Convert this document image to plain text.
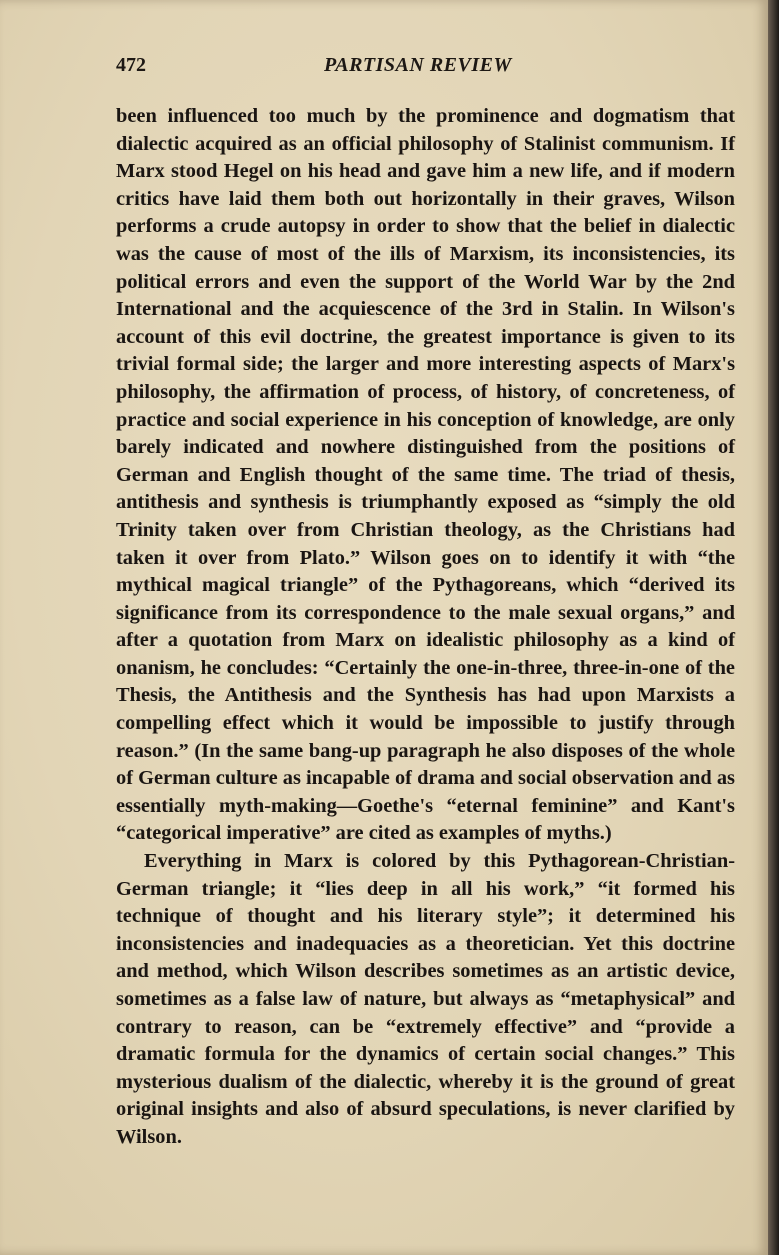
472	PARTISAN REVIEW

been influenced too much by the prominence and dogmatism that dialectic acquired as an official philosophy of Stalinist communism. If Marx stood Hegel on his head and gave him a new life, and if modern critics have laid them both out horizontally in their graves, Wilson performs a crude autopsy in order to show that the belief in dialectic was the cause of most of the ills of Marxism, its inconsistencies, its political errors and even the support of the World War by the 2nd International and the acquiescence of the 3rd in Stalin. In Wilson's account of this evil doctrine, the greatest importance is given to its trivial formal side; the larger and more interesting aspects of Marx's philosophy, the affirmation of process, of history, of concreteness, of practice and social experience in his conception of knowledge, are only barely indicated and nowhere distinguished from the positions of German and English thought of the same time. The triad of thesis, antithesis and synthesis is triumphantly exposed as “simply the old Trinity taken over from Christian theology, as the Christians had taken it over from Plato.” Wilson goes on to identify it with “the mythical magical triangle” of the Pythagoreans, which “derived its significance from its correspondence to the male sexual organs,” and after a quotation from Marx on idealistic philosophy as a kind of onanism, he concludes: “Certainly the one-in-three, three-in-one of the Thesis, the Antithesis and the Synthesis has had upon Marxists a compelling effect which it would be impossible to justify through reason.” (In the same bang-up paragraph he also disposes of the whole of German culture as incapable of drama and social observation and as essentially myth-making—Goethe's “eternal feminine” and Kant's “categorical imperative” are cited as examples of myths.)

Everything in Marx is colored by this Pythagorean-Christian-German triangle; it “lies deep in all his work,” “it formed his technique of thought and his literary style”; it determined his inconsistencies and inadequacies as a theoretician. Yet this doctrine and method, which Wilson describes sometimes as an artistic device, sometimes as a false law of nature, but always as “metaphysical” and contrary to reason, can be “extremely effective” and “provide a dramatic formula for the dynamics of certain social changes.” This mysterious dualism of the dialectic, whereby it is the ground of great original insights and also of absurd speculations, is never clarified by Wilson.
